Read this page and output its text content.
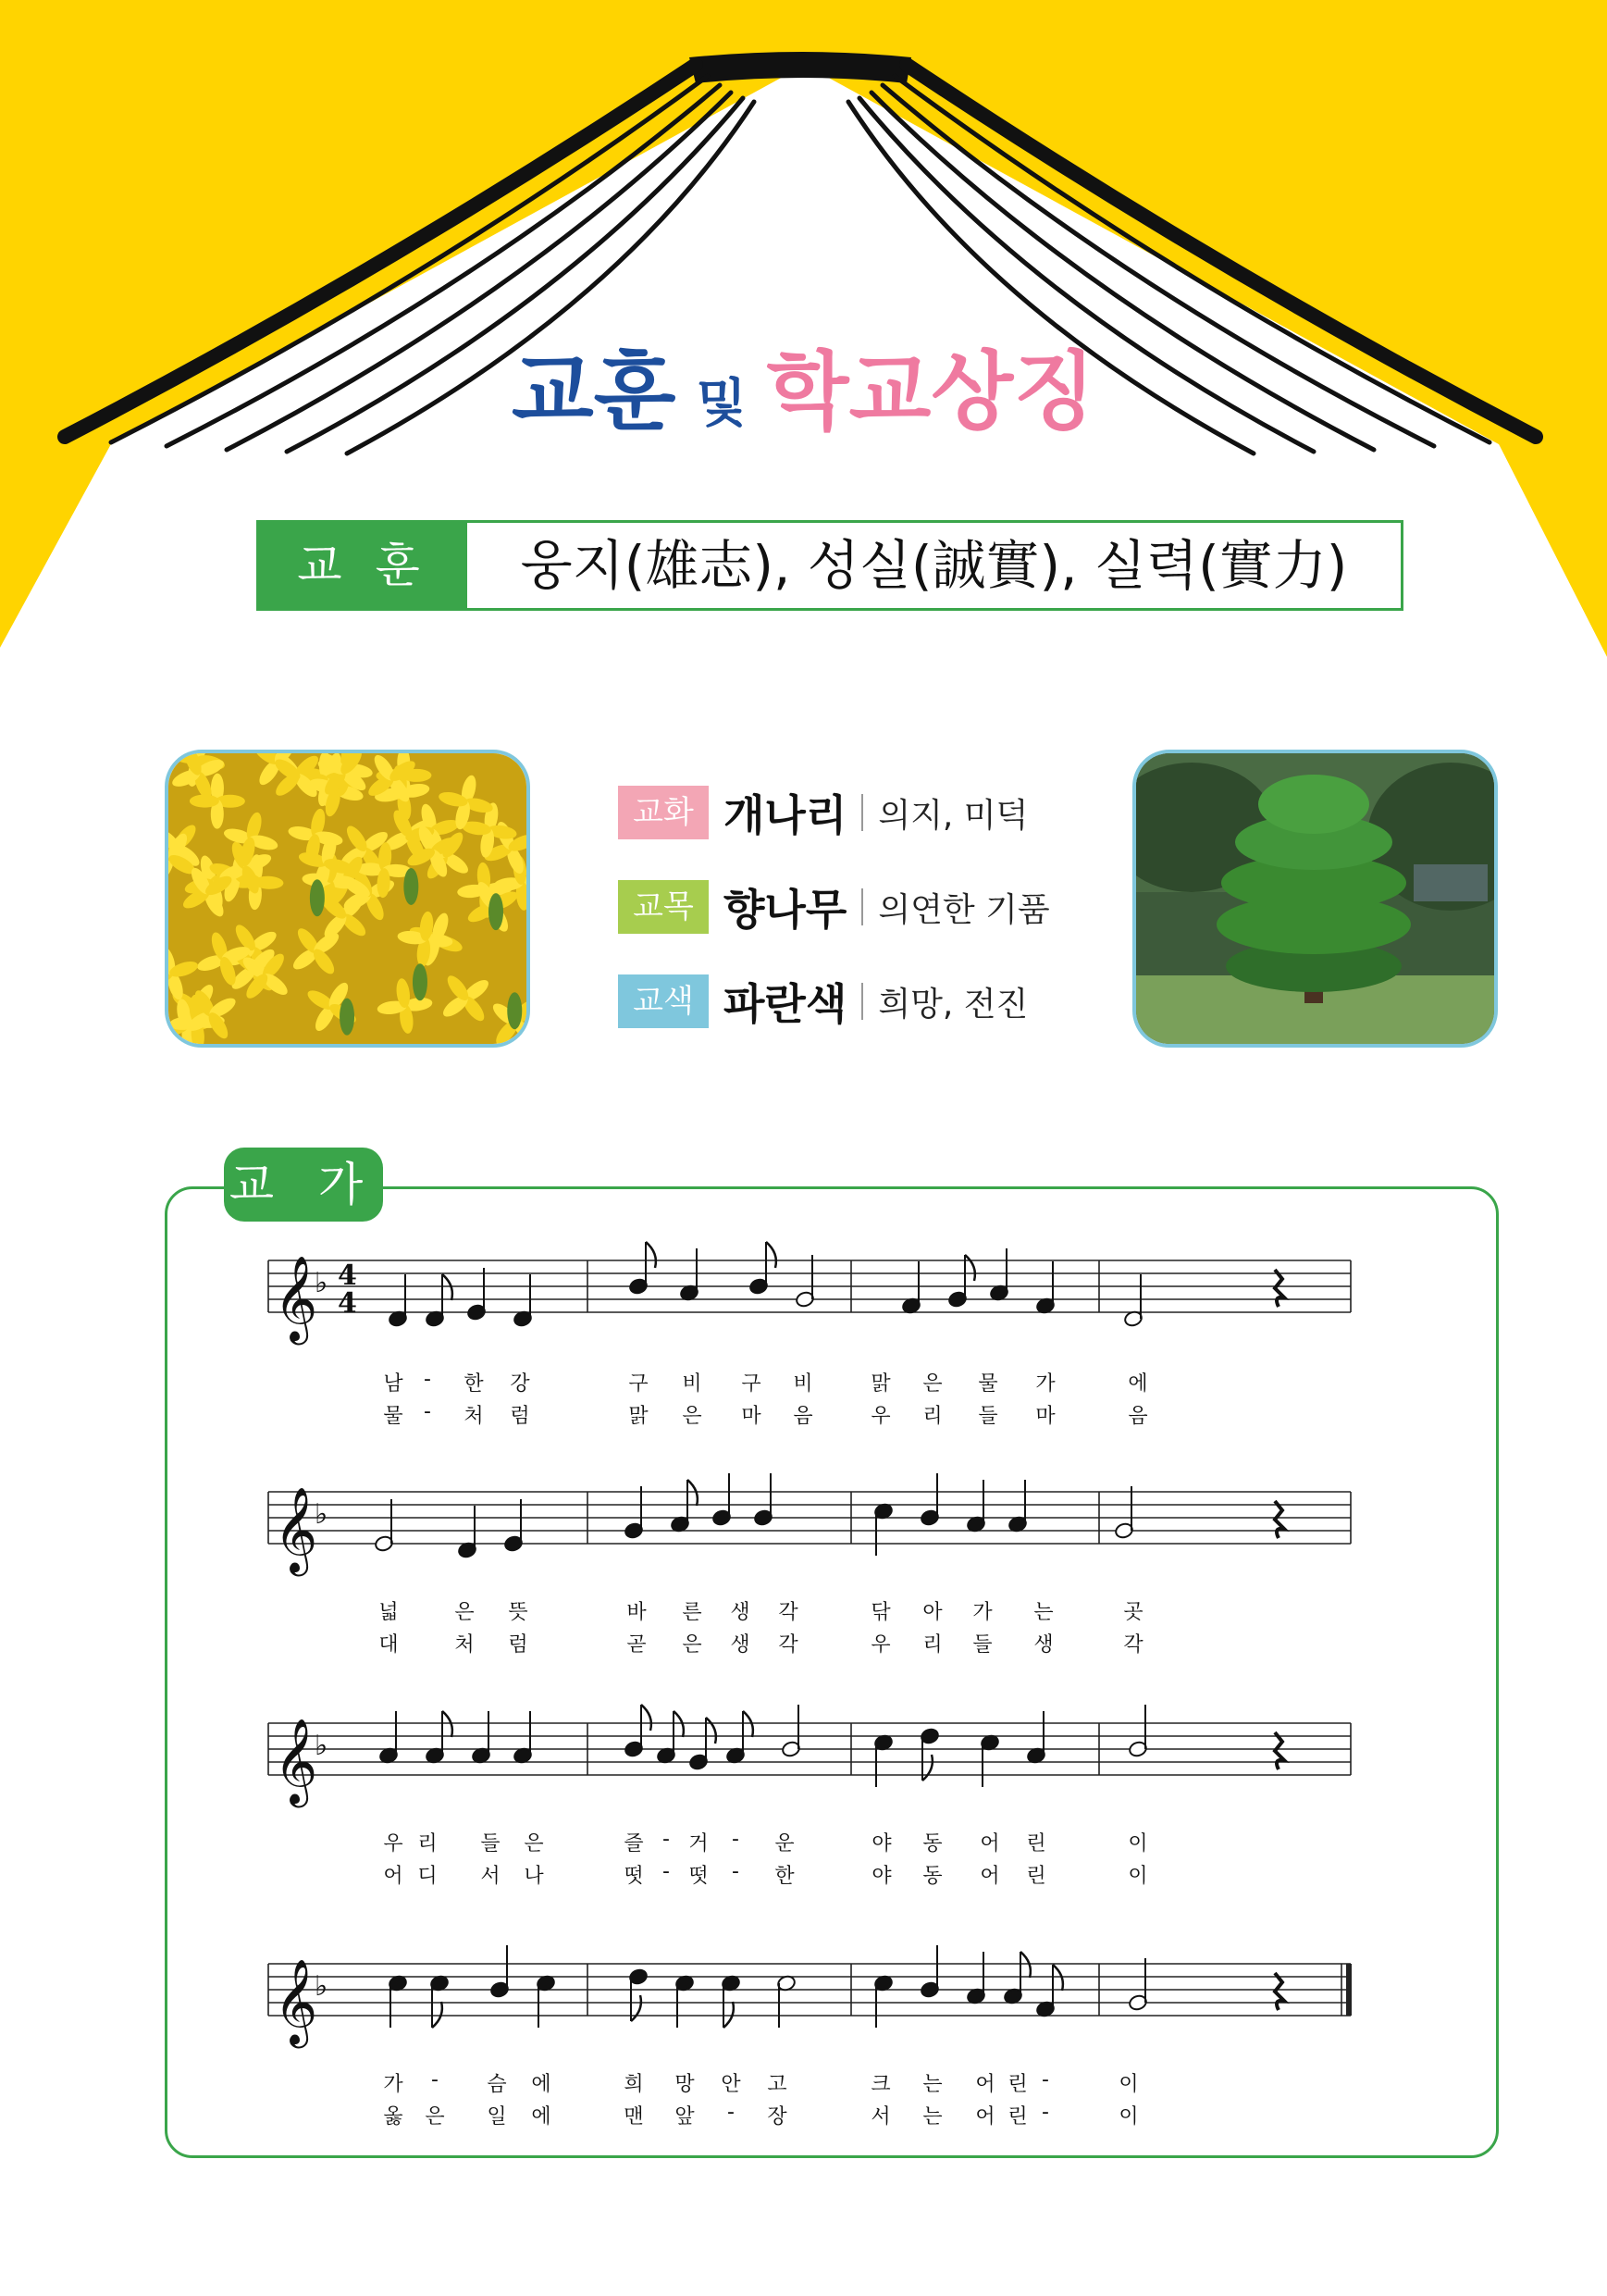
교훈 및 학교상징
교 훈	웅지(雄志), 성실(誠實), 실력(實力)
교화 개나리 의지, 미덕
교목 향나무 의연한 기품
교색 파란색 희망, 전진
교 가
𝄞
♭ 4
4
𝄞
♭
𝄞
♭
𝄞
♭
남 - 한 강	구 비 구 비	맑 은 물 가	에
물 - 처 럼	맑 은 마 음	우 리 들 마	음
넓	은 뜻	바 른 생 각	닦 아 가 는	곳
대	처 럼	곧 은 생 각	우 리 들 생	각
우 리 들 은	즐 - 거 - 운	야 동 어 린	이
어 디 서 나	떳 - 떳 - 한	야 동 어 린	이
가 - 슴 에	희 망 안 고	크 는 어 린 -	이
옳 은 일 에	맨 앞 - 장	서 는 어 린 -	이
